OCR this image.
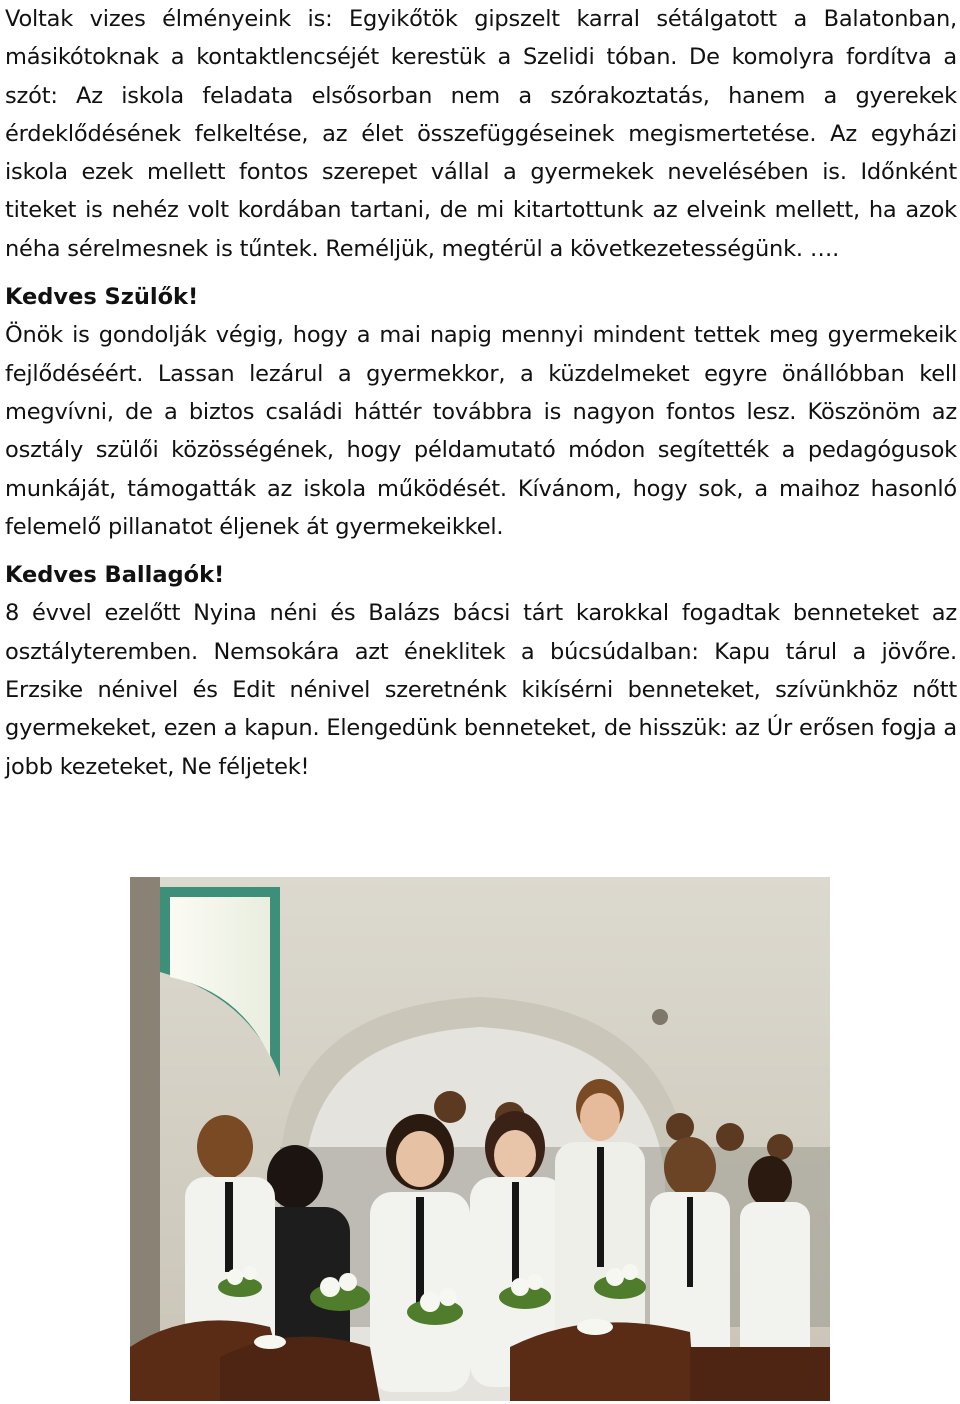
Voltak vizes élményeink is: Egyikőtök gipszelt karral sétálgatott a Balatonban, másikótoknak a kontaktlencséjét kerestük a Szelidi tóban. De komolyra fordítva a szót: Az iskola feladata elsősorban nem a szórakoztatás, hanem a gyerekek érdeklődésének felkeltése, az élet összefüggéseinek megismertetése. Az egyházi iskola ezek mellett fontos szerepet vállal a gyermekek nevelésében is. Időnként titeket is nehéz volt kordában tartani, de mi kitartottunk az elveink mellett, ha azok néha sérelmesnek is tűntek. Reméljük, megtérül a következetességünk. ….

Kedves Szülők!

Önök is gondolják végig, hogy a mai napig mennyi mindent tettek meg gyermekeik fejlődéséért. Lassan lezárul a gyermekkor, a küzdelmeket egyre önállóbban kell megvívni, de a biztos családi háttér továbbra is nagyon fontos lesz. Köszönöm az osztály szülői közösségének, hogy példamutató módon segítették a pedagógusok munkáját, támogatták az iskola működését. Kívánom, hogy sok, a maihoz hasonló felemelő pillanatot éljenek át gyermekeikkel.

Kedves Ballagók!

8 évvel ezelőtt Nyina néni és Balázs bácsi tárt karokkal fogadtak benneteket az osztályteremben. Nemsokára azt éneklitek a búcsúdalban: Kapu tárul a jövőre. Erzsike nénivel és Edit nénivel szeretnénk kikísérni benneteket, szívünkhöz nőtt gyermekeket, ezen a kapun. Elengedünk benneteket, de hisszük: az Úr erősen fogja a jobb kezeteket, Ne féljetek!
